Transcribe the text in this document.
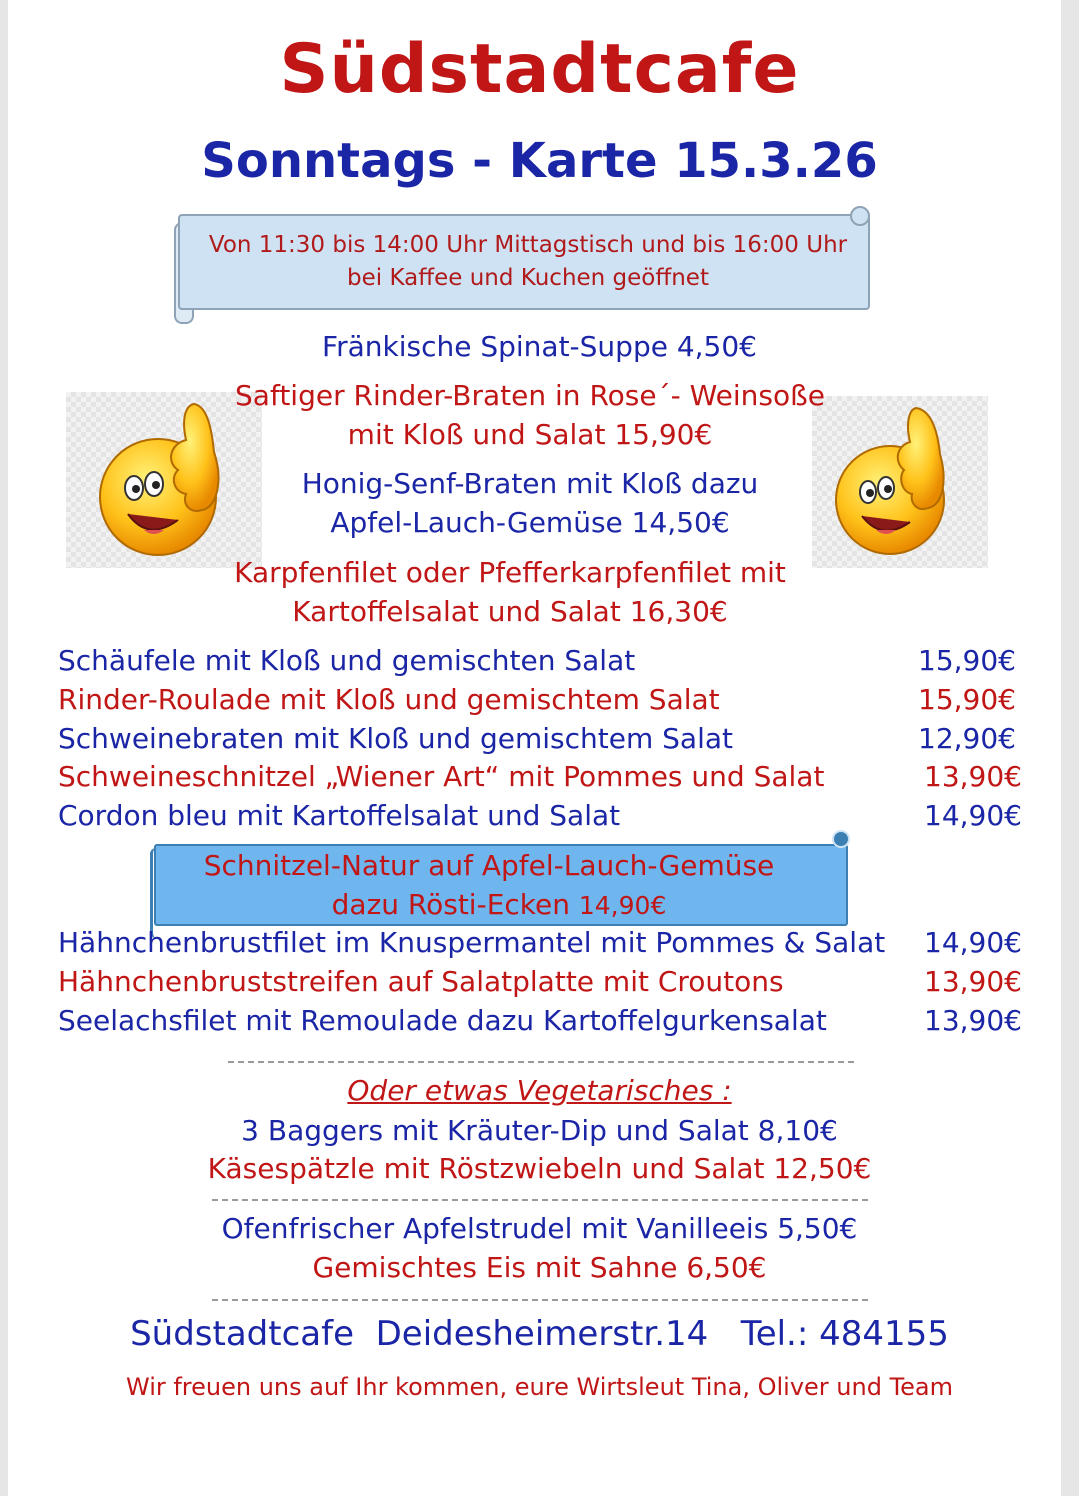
Südstadtcafe
Sonntags - Karte 15.3.26
Von 11:30 bis 14:00 Uhr Mittagstisch und bis 16:00 Uhr
bei Kaffee und Kuchen geöffnet
Fränkische Spinat-Suppe 4,50€
Saftiger Rinder-Braten in Rose´- Weinsoße
mit Kloß und Salat 15,90€
Honig-Senf-Braten mit Kloß dazu
Apfel-Lauch-Gemüse 14,50€
Karpfenfilet oder Pfefferkarpfenfilet mit
Kartoffelsalat und Salat 16,30€
Schäufele mit Kloß und gemischten Salat	15,90€
Rinder-Roulade mit Kloß und gemischtem Salat	15,90€
Schweinebraten mit Kloß und gemischtem Salat	12,90€
Schweineschnitzel „Wiener Art“ mit Pommes und Salat	13,90€
Cordon bleu mit Kartoffelsalat und Salat	14,90€
Schnitzel-Natur auf Apfel-Lauch-Gemüse
dazu Rösti-Ecken 14,90€
Hähnchenbrustfilet im Knuspermantel mit Pommes & Salat 14,90€
Hähnchenbruststreifen auf Salatplatte mit Croutons	13,90€
Seelachsfilet mit Remoulade dazu Kartoffelgurkensalat	13,90€
Oder etwas Vegetarisches :
3 Baggers mit Kräuter-Dip und Salat 8,10€
Käsespätzle mit Röstzwiebeln und Salat 12,50€
Ofenfrischer Apfelstrudel mit Vanilleeis 5,50€
Gemischtes Eis mit Sahne 6,50€
Südstadtcafe  Deidesheimerstr.14   Tel.: 484155
Wir freuen uns auf Ihr kommen, eure Wirtsleut Tina, Oliver und Team
